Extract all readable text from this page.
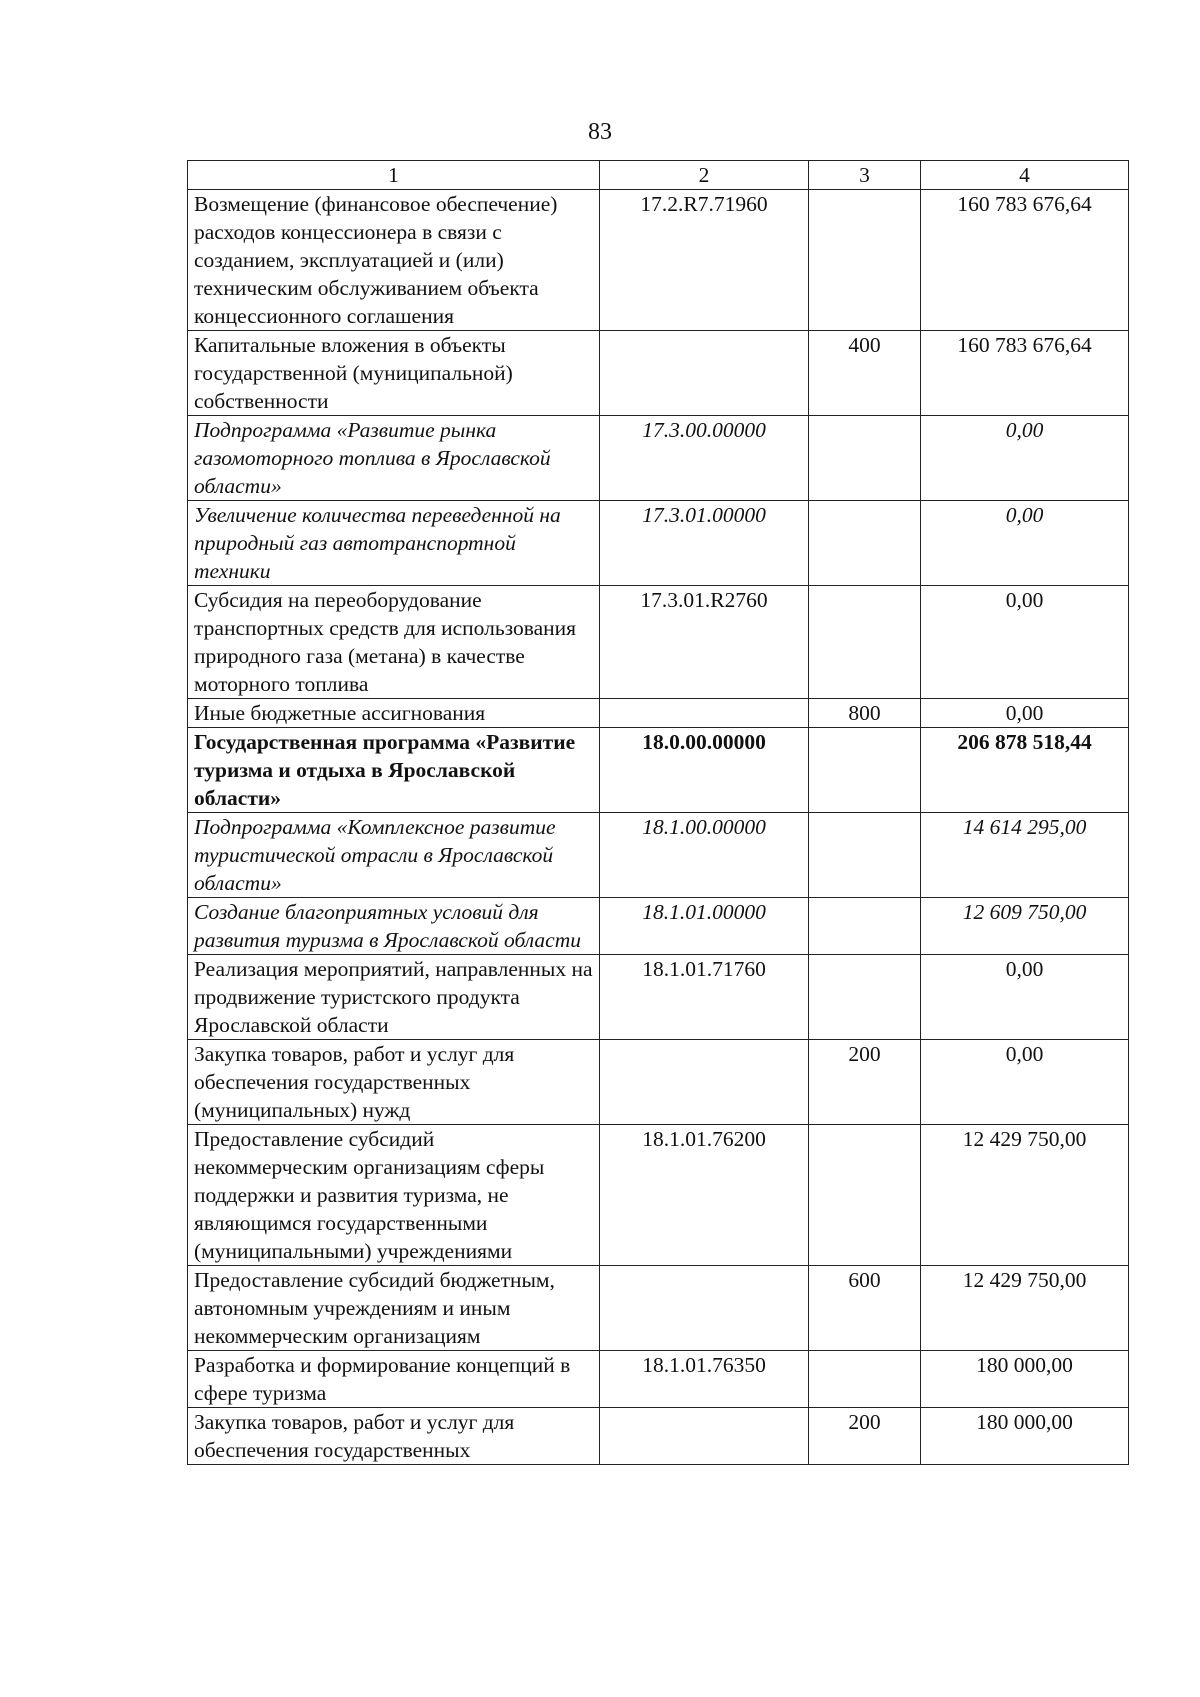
83
1	2	3	4
Возмещение (финансовое обеспечение) расходов концессионера в связи с созданием, эксплуатацией и (или) техническим обслуживанием объекта концессионного соглашения	17.2.R7.71960		160 783 676,64
Капитальные вложения в объекты государственной (муниципальной) собственности		400	160 783 676,64
Подпрограмма «Развитие рынка газомоторного топлива в Ярославской области»	17.3.00.00000		0,00
Увеличение количества переведенной на природный газ автотранспортной техники	17.3.01.00000		0,00
Субсидия на переоборудование транспортных средств для использования природного газа (метана) в качестве моторного топлива	17.3.01.R2760		0,00
Иные бюджетные ассигнования		800	0,00
Государственная программа «Развитие туризма и отдыха в Ярославской области»	18.0.00.00000		206 878 518,44
Подпрограмма «Комплексное развитие туристической отрасли в Ярославской области»	18.1.00.00000		14 614 295,00
Создание благоприятных условий для развития туризма в Ярославской области	18.1.01.00000		12 609 750,00
Реализация мероприятий, направленных на продвижение туристского продукта Ярославской области	18.1.01.71760		0,00
Закупка товаров, работ и услуг для обеспечения государственных (муниципальных) нужд		200	0,00
Предоставление субсидий некоммерческим организациям сферы поддержки и развития туризма, не являющимся государственными (муниципальными) учреждениями	18.1.01.76200		12 429 750,00
Предоставление субсидий бюджетным, автономным учреждениям и иным некоммерческим организациям		600	12 429 750,00
Разработка и формирование концепций в сфере туризма	18.1.01.76350		180 000,00
Закупка товаров, работ и услуг для обеспечения государственных		200	180 000,00
